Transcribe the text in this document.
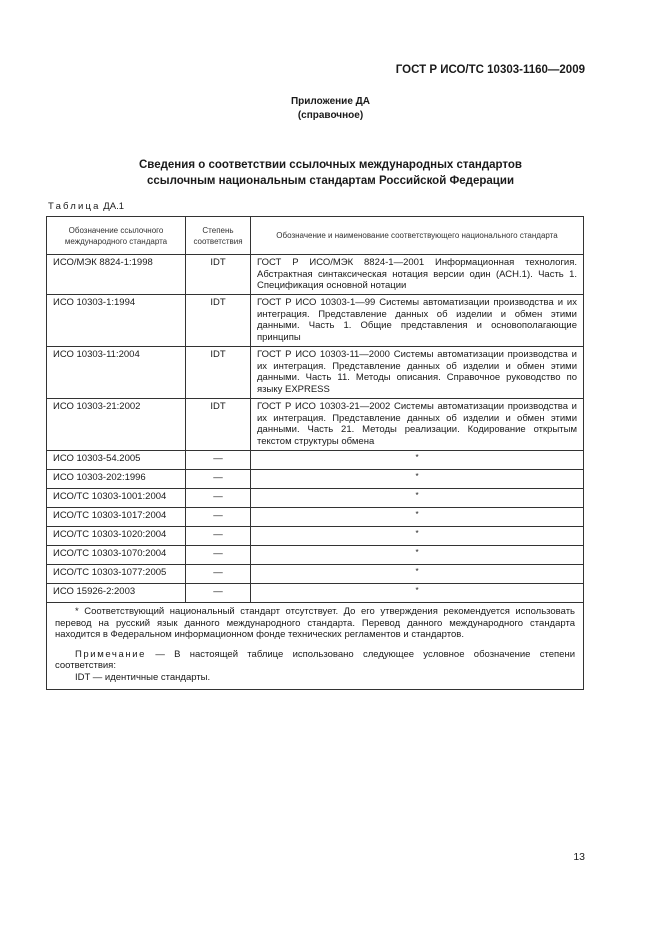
ГОСТ Р ИСО/ТС 10303-1160—2009
Приложение ДА
(справочное)
Сведения о соответствии ссылочных международных стандартов
ссылочным национальным стандартам Российской Федерации
Таблица ДА.1
Обозначение ссылочного международного стандарта	Степень соответствия	Обозначение и наименование соответствующего национального стандарта
ИСО/МЭК 8824-1:1998	IDT	ГОСТ Р ИСО/МЭК 8824-1—2001 Информационная технология. Абстрактная синтаксическая нотация версии один (АСН.1). Часть 1. Спецификация основной нотации
ИСО 10303-1:1994	IDT	ГОСТ Р ИСО 10303-1—99 Системы автоматизации производства и их интеграция. Представление данных об изделии и обмен этими данными. Часть 1. Общие представления и основополагающие принципы
ИСО 10303-11:2004	IDT	ГОСТ Р ИСО 10303-11—2000 Системы автоматизации производства и их интеграция. Представление данных об изделии и обмен этими данными. Часть 11. Методы описания. Справочное руководство по языку EXPRESS
ИСО 10303-21:2002	IDT	ГОСТ Р ИСО 10303-21—2002 Системы автоматизации производства и их интеграция. Представление данных об изделии и обмен этими данными. Часть 21. Методы реализации. Кодирование открытым текстом структуры обмена
ИСО 10303-54.2005	—	*
ИСО 10303-202:1996	—	*
ИСО/ТС 10303-1001:2004	—	*
ИСО/ТС 10303-1017:2004	—	*
ИСО/ТС 10303-1020:2004	—	*
ИСО/ТС 10303-1070:2004	—	*
ИСО/ТС 10303-1077:2005	—	*
ИСО 15926-2:2003	—	*

* Соответствующий национальный стандарт отсутствует. До его утверждения рекомендуется использовать перевод на русский язык данного международного стандарта. Перевод данного международного стандарта находится в Федеральном информационном фонде технических регламентов и стандартов.

Примечание — В настоящей таблице использовано следующее условное обозначение степени соответствия:

IDT — идентичные стандарты.		

13
